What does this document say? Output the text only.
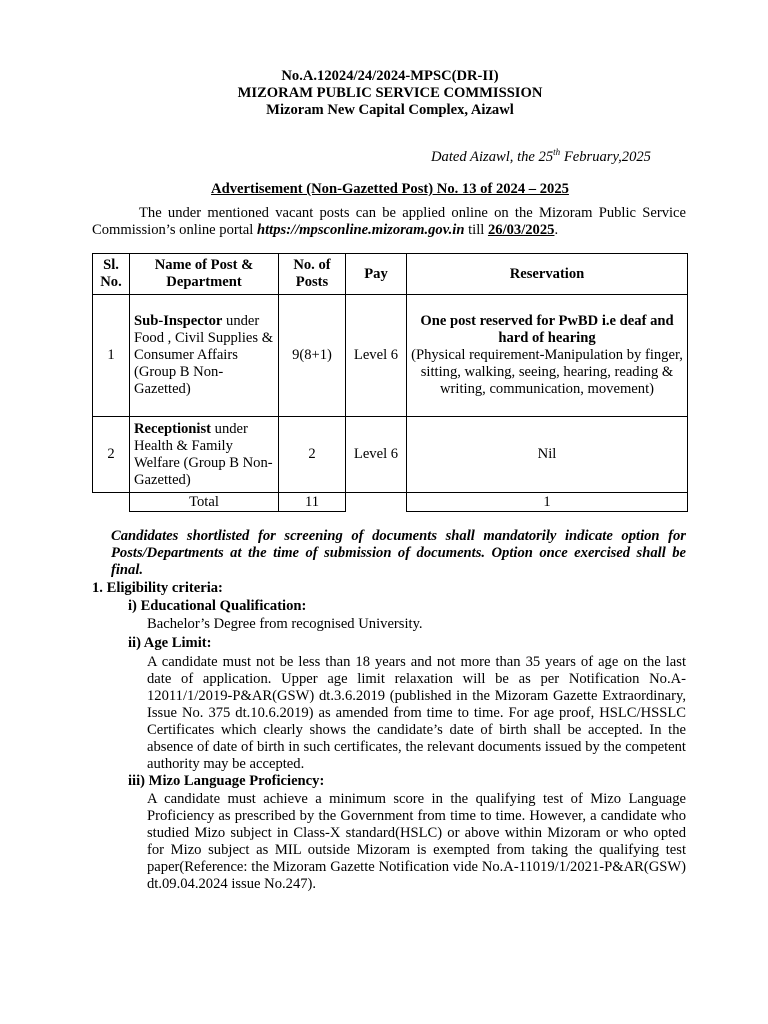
No.A.12024/24/2024-MPSC(DR-II)
MIZORAM PUBLIC SERVICE COMMISSION
Mizoram New Capital Complex, Aizawl
Dated Aizawl, the 25th February,2025
Advertisement (Non-Gazetted Post) No. 13 of 2024 – 2025
The under mentioned vacant posts can be applied online on the Mizoram Public Service Commission’s online portal https://mpsconline.mizoram.gov.in till 26/03/2025.
Sl. No.	Name of Post & Department	No. of Posts	Pay	Reservation
1	Sub-Inspector under Food , Civil Supplies & Consumer Affairs (Group B Non-Gazetted)	9(8+1)	Level 6	One post reserved for PwBD i.e deaf and hard of hearing
(Physical requirement-Manipulation by finger, sitting, walking, seeing, hearing, reading & writing, communication, movement)

2	Receptionist under Health & Family Welfare (Group B Non-Gazetted)	2	Level 6	Nil
	Total	11		1
Candidates shortlisted for screening of documents shall mandatorily indicate option for Posts/Departments at the time of submission of documents. Option once exercised shall be final.
1. Eligibility criteria:
i) Educational Qualification:
Bachelor’s Degree from recognised University.
ii) Age Limit:
A candidate must not be less than 18 years and not more than 35 years of age on the last date of application. Upper age limit relaxation will be as per Notification No.A-12011/1/2019-P&AR(GSW) dt.3.6.2019 (published in the Mizoram Gazette Extraordinary, Issue No. 375 dt.10.6.2019) as amended from time to time. For age proof, HSLC/HSSLC Certificates which clearly shows the candidate’s date of birth shall be accepted. In the absence of date of birth in such certificates, the relevant documents issued by the competent authority may be accepted.
iii) Mizo Language Proficiency:
A candidate must achieve a minimum score in the qualifying test of Mizo Language Proficiency as prescribed by the Government from time to time. However, a candidate who studied Mizo subject in Class-X standard(HSLC) or above within Mizoram or who opted for Mizo subject as MIL outside Mizoram is exempted from taking the qualifying test paper(Reference: the Mizoram Gazette Notification vide No.A-11019/1/2021-P&AR(GSW) dt.09.04.2024 issue No.247).
